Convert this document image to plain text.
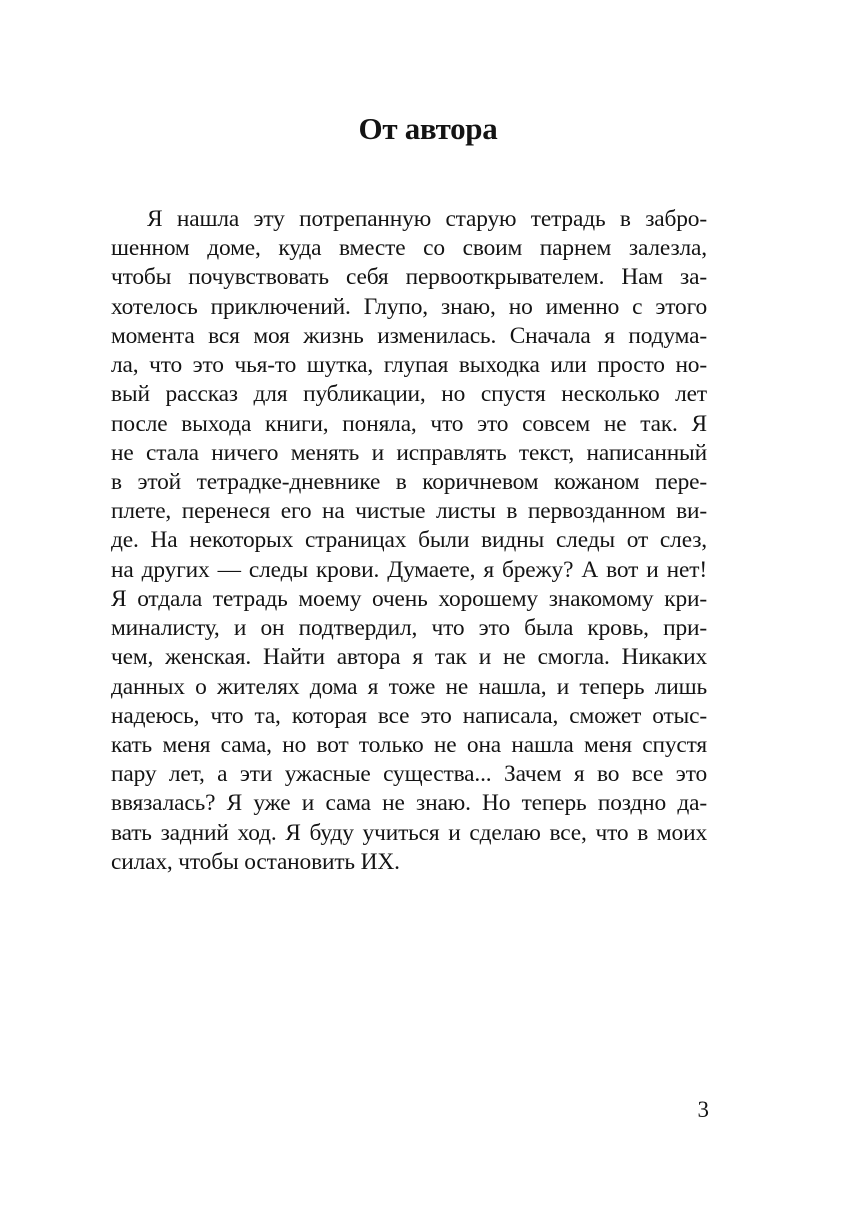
От автора
Я нашла эту потрепанную старую тетрадь в забро-
шенном доме, куда вместе со своим парнем залезла,
чтобы почувствовать себя первооткрывателем. Нам за-
хотелось приключений. Глупо, знаю, но именно с этого
момента вся моя жизнь изменилась. Сначала я подума-
ла, что это чья-то шутка, глупая выходка или просто но-
вый рассказ для публикации, но спустя несколько лет
после выхода книги, поняла, что это совсем не так. Я
не стала ничего менять и исправлять текст, написанный
в этой тетрадке-дневнике в коричневом кожаном пере-
плете, перенеся его на чистые листы в первозданном ви-
де. На некоторых страницах были видны следы от слез,
на других — следы крови. Думаете, я брежу? А вот и нет!
Я отдала тетрадь моему очень хорошему знакомому кри-
миналисту, и он подтвердил, что это была кровь, при-
чем, женская. Найти автора я так и не смогла. Никаких
данных о жителях дома я тоже не нашла, и теперь лишь
надеюсь, что та, которая все это написала, сможет отыс-
кать меня сама, но вот только не она нашла меня спустя
пару лет, а эти ужасные существа... Зачем я во все это
ввязалась? Я уже и сама не знаю. Но теперь поздно да-
вать задний ход. Я буду учиться и сделаю все, что в моих
силах, чтобы остановить ИХ.
3
